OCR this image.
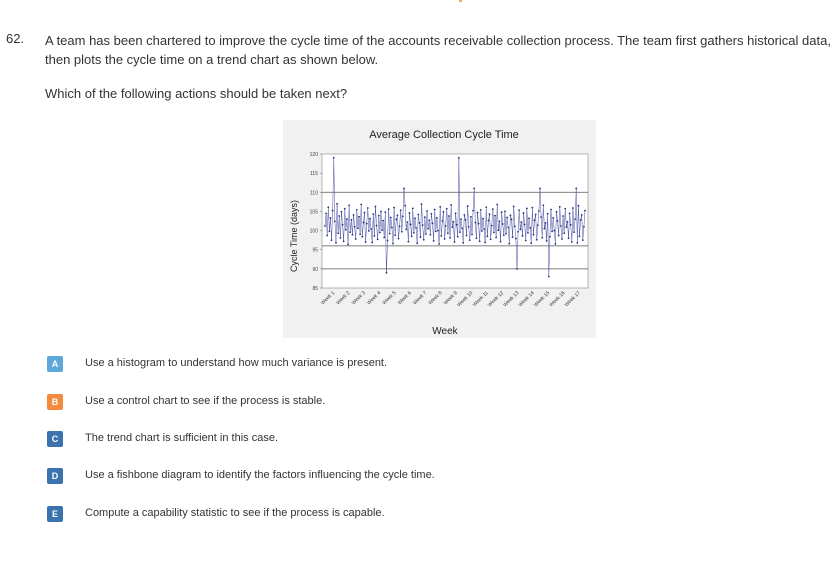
62. A team has been chartered to improve the cycle time of the accounts receivable collection process. The team first gathers historical data, then plots the cycle time on a trend chart as shown below.
Which of the following actions should be taken next?
Average Collection Cycle Time
Cycle Time (days)
Week
120
115
110
105
100
95
90
85
Week 1 Week 2 Week 3 Week 4 Week 5 Week 6 Week 7 Week 8 Week 9
Week 10
Week 11
Week 12
Week 13
Week 14
Week 15
Week 16
Week 17
A	Use a histogram to understand how much variance is present.
B	Use a control chart to see if the process is stable.
C	The trend chart is sufficient in this case.
D	Use a fishbone diagram to identify the factors influencing the cycle time.
E	Compute a capability statistic to see if the process is capable.
